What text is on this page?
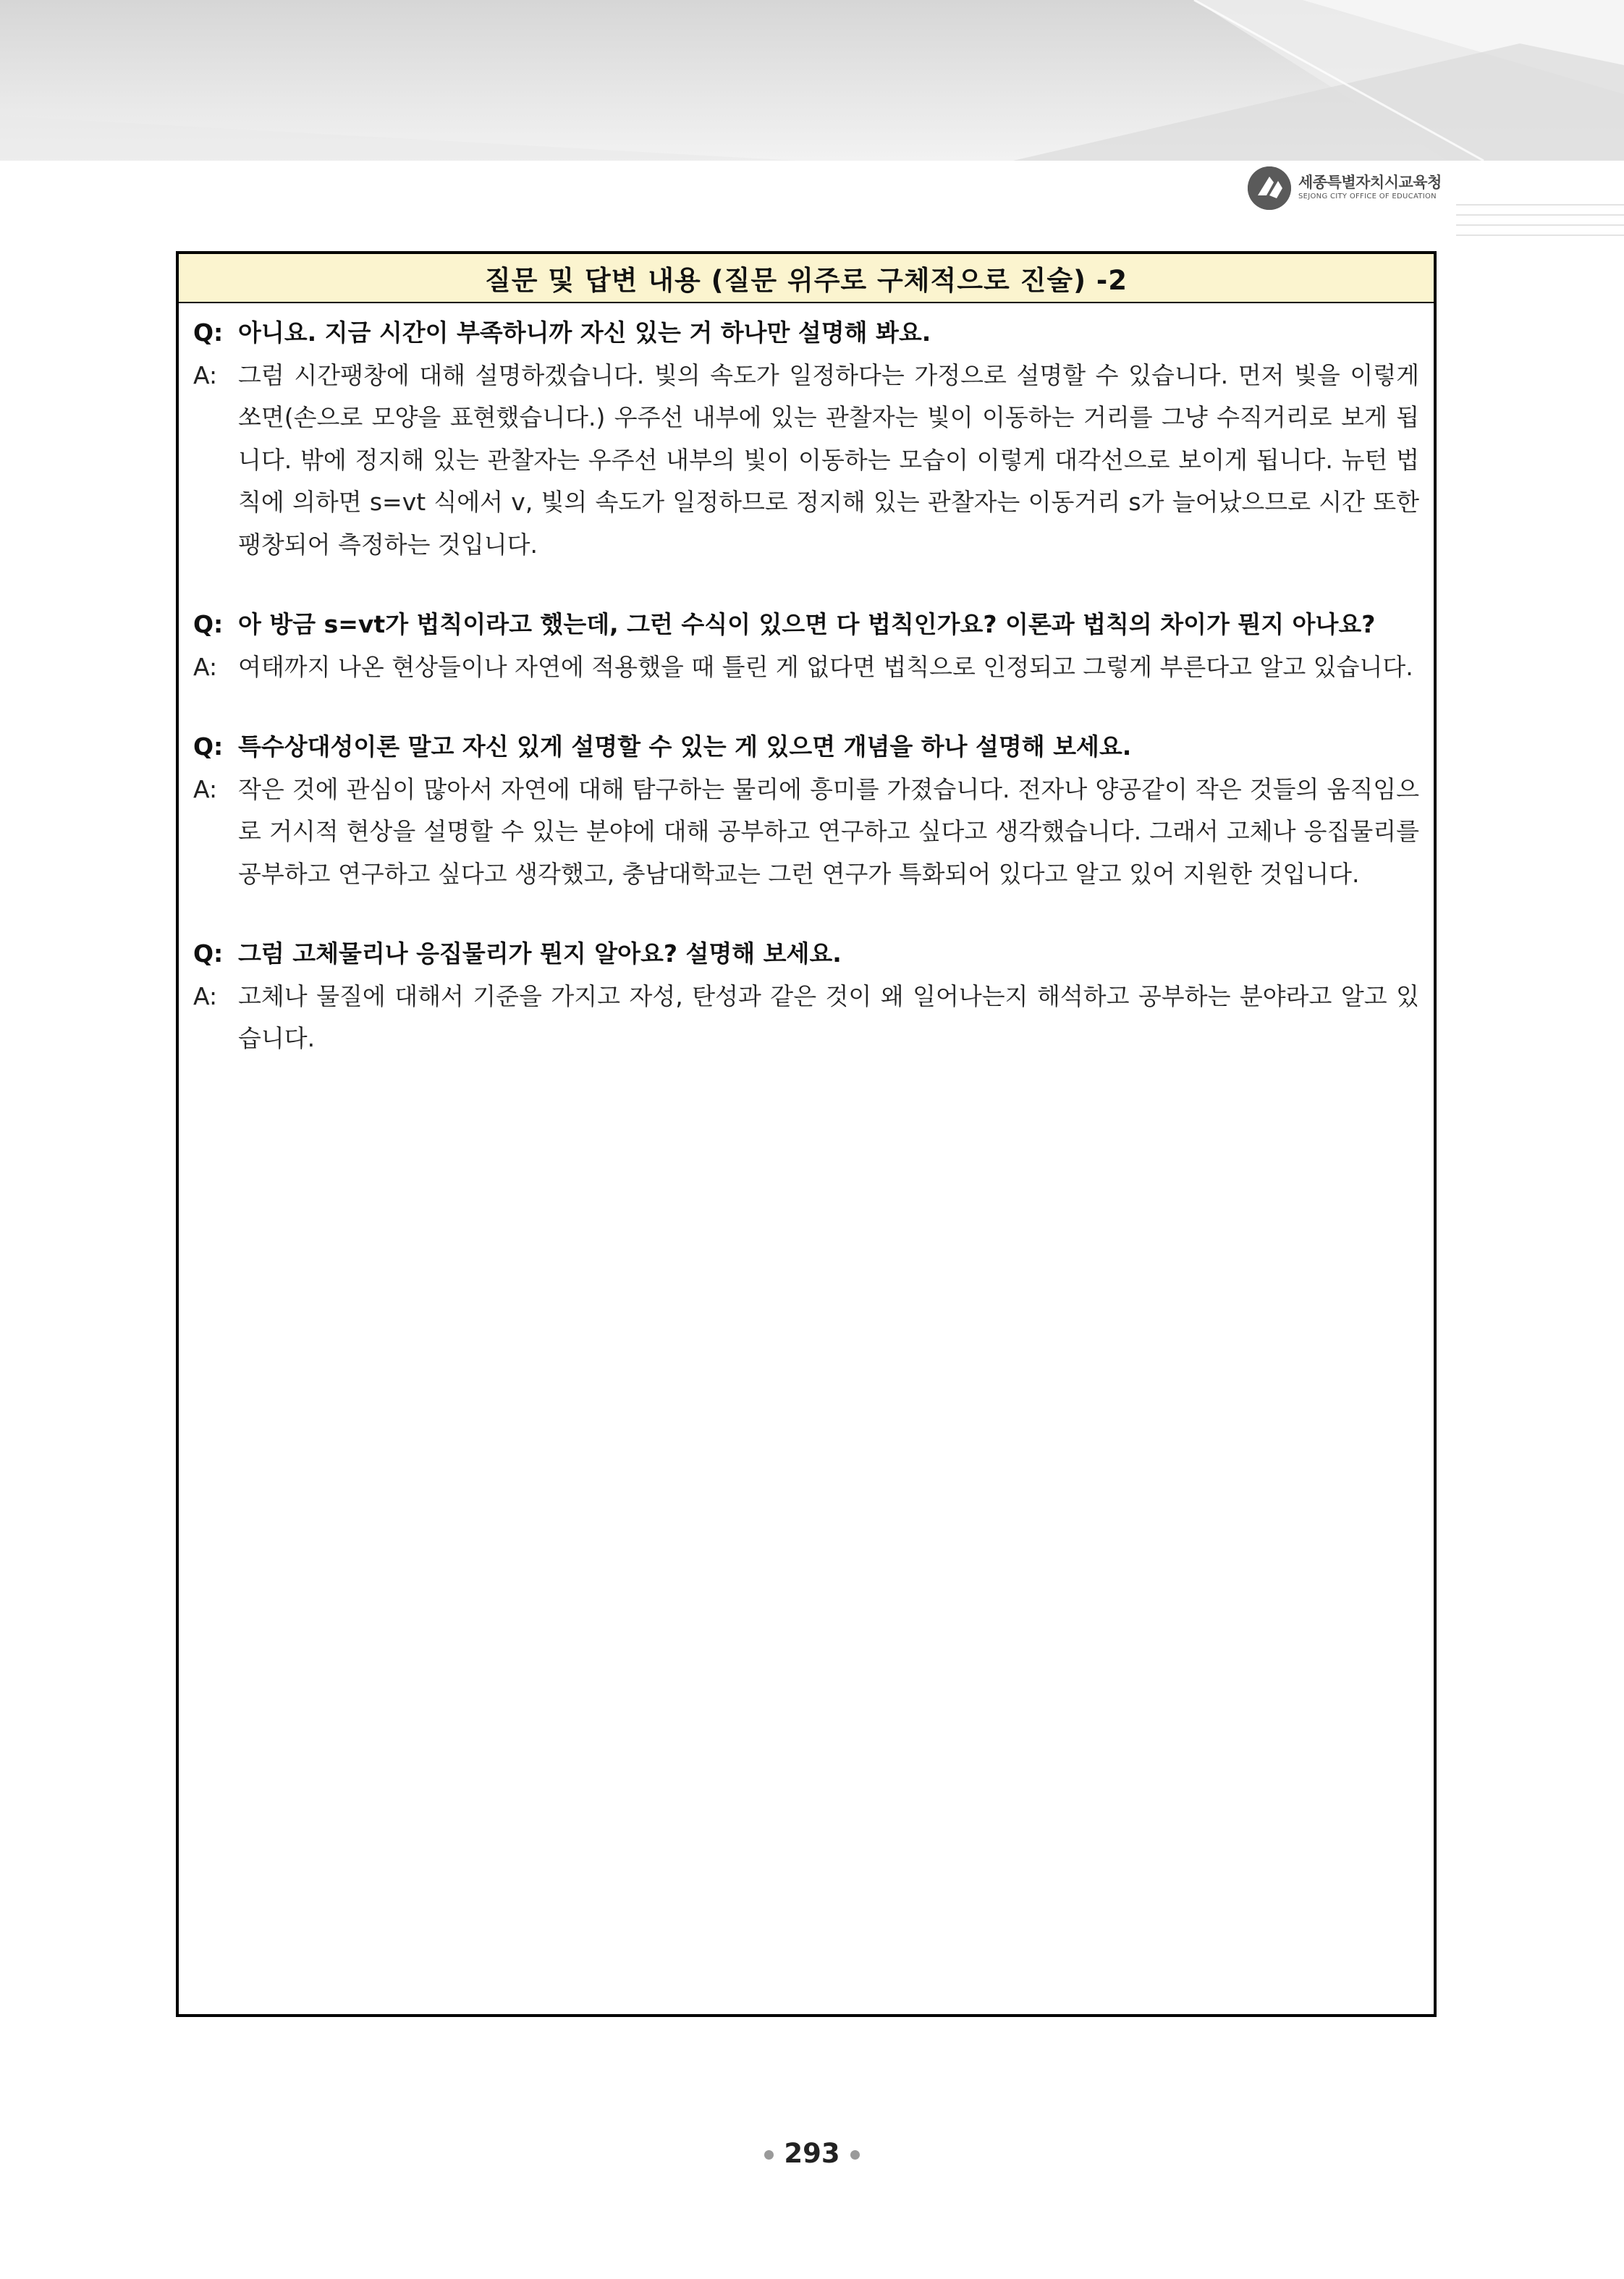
세종특별자치시교육청
SEJONG CITY OFFICE OF EDUCATION
질문 및 답변 내용 (질문 위주로 구체적으로 진술) -2
Q: 아니요. 지금 시간이 부족하니까 자신 있는 거 하나만 설명해 봐요.
A: 그럼 시간팽창에 대해 설명하겠습니다. 빛의 속도가 일정하다는 가정으로 설명할 수 있습니다. 먼저 빛을 이렇게 쏘면(손으로 모양을 표현했습니다.) 우주선 내부에 있는 관찰자는 빛이 이동하는 거리를 그냥 수직거리로 보게 됩니다. 밖에 정지해 있는 관찰자는 우주선 내부의 빛이 이동하는 모습이 이렇게 대각선으로 보이게 됩니다. 뉴턴 법칙에 의하면 s=vt 식에서 v, 빛의 속도가 일정하므로 정지해 있는 관찰자는 이동거리 s가 늘어났으므로 시간 또한 팽창되어 측정하는 것입니다.
Q: 아 방금 s=vt가 법칙이라고 했는데, 그런 수식이 있으면 다 법칙인가요? 이론과 법칙의 차이가 뭔지 아나요?
A: 여태까지 나온 현상들이나 자연에 적용했을 때 틀린 게 없다면 법칙으로 인정되고 그렇게 부른다고 알고 있습니다.
Q: 특수상대성이론 말고 자신 있게 설명할 수 있는 게 있으면 개념을 하나 설명해 보세요.
A: 작은 것에 관심이 많아서 자연에 대해 탐구하는 물리에 흥미를 가졌습니다. 전자나 양공같이 작은 것들의 움직임으로 거시적 현상을 설명할 수 있는 분야에 대해 공부하고 연구하고 싶다고 생각했습니다. 그래서 고체나 응집물리를 공부하고 연구하고 싶다고 생각했고, 충남대학교는 그런 연구가 특화되어 있다고 알고 있어 지원한 것입니다.
Q: 그럼 고체물리나 응집물리가 뭔지 알아요? 설명해 보세요.
A: 고체나 물질에 대해서 기준을 가지고 자성, 탄성과 같은 것이 왜 일어나는지 해석하고 공부하는 분야라고 알고 있습니다.
293
